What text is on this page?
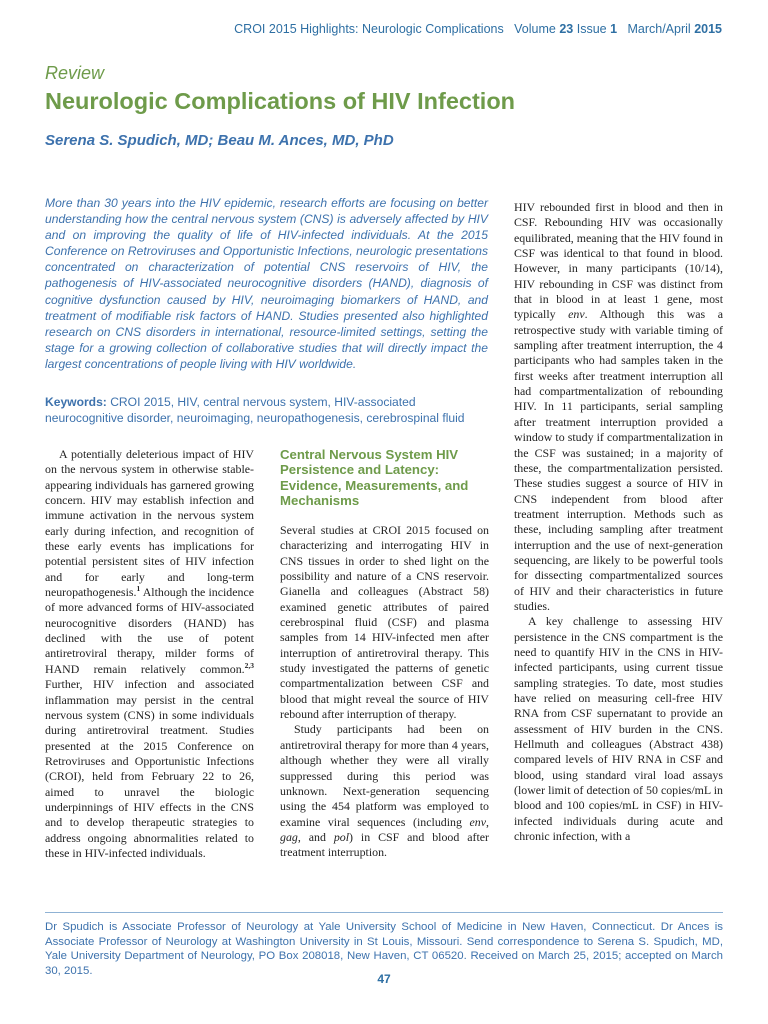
CROI 2015 Highlights: Neurologic Complications Volume 23 Issue 1 March/April 2015
Review
Neurologic Complications of HIV Infection
Serena S. Spudich, MD; Beau M. Ances, MD, PhD
More than 30 years into the HIV epidemic, research efforts are focusing on better understanding how the central nervous system (CNS) is adversely affected by HIV and on improving the quality of life of HIV-infected individuals. At the 2015 Conference on Retroviruses and Opportunistic Infections, neurologic presentations concentrated on characterization of potential CNS reservoirs of HIV, the pathogenesis of HIV-associated neurocognitive disorders (HAND), diagnosis of cognitive dysfunction caused by HIV, neuroimaging biomarkers of HAND, and treatment of modifiable risk factors of HAND. Studies presented also highlighted research on CNS disorders in international, resource-limited settings, setting the stage for a growing collection of collaborative studies that will directly impact the largest concentrations of people living with HIV worldwide.
Keywords: CROI 2015, HIV, central nervous system, HIV-associated neurocognitive disorder, neuroimaging, neuropathogenesis, cerebrospinal fluid

A potentially deleterious impact of HIV on the nervous system in otherwise stable-appearing individuals has garnered growing concern. HIV may establish infection and immune activation in the nervous system early during infection, and recognition of these early events has implications for potential persistent sites of HIV infection and for early and long-term neuropathogenesis.$^1$ Although the incidence of more advanced forms of HIV-associated neurocognitive disorders (HAND) has declined with the use of potent antiretroviral therapy, milder forms of HAND remain relatively common.$^{2,3}$ Further, HIV infection and associated inflammation may persist in the central nervous system (CNS) in some individuals during antiretroviral treatment. Studies presented at the 2015 Conference on Retroviruses and Opportunistic Infections (CROI), held from February 22 to 26, aimed to unravel the biologic underpinnings of HIV effects in the CNS and to develop therapeutic strategies to address ongoing abnormalities related to these in HIV-infected individuals.

Central Nervous System HIV Persistence and Latency: Evidence, Measurements, and Mechanisms

Several studies at CROI 2015 focused on characterizing and interrogating HIV in CNS tissues in order to shed light on the possibility and nature of a CNS reservoir. Gianella and colleagues (Abstract 58) examined genetic attributes of paired cerebrospinal fluid (CSF) and plasma samples from 14 HIV-infected men after interruption of antiretroviral therapy. This study investigated the patterns of genetic compartmentalization between CSF and blood that might reveal the source of HIV rebound after interruption of therapy.

Study participants had been on antiretroviral therapy for more than 4 years, although whether they were all virally suppressed during this period was unknown. Next-generation sequencing using the 454 platform was employed to examine viral sequences (including env, gag, and pol) in CSF and blood after treatment interruption.

HIV rebounded first in blood and then in CSF. Rebounding HIV was occasionally equilibrated, meaning that the HIV found in CSF was identical to that found in blood. However, in many participants (10/14), HIV rebounding in CSF was distinct from that in blood in at least 1 gene, most typically env. Although this was a retrospective study with variable timing of sampling after treatment interruption, the 4 participants who had samples taken in the first weeks after treatment interruption all had compartmentalization of rebounding HIV. In 11 participants, serial sampling after treatment interruption provided a window to study if compartmentalization in the CSF was sustained; in a majority of these, the compartmentalization persisted. These studies suggest a source of HIV in CNS independent from blood after treatment interruption. Methods such as these, including sampling after treatment interruption and the use of next-generation sequencing, are likely to be powerful tools for dissecting compartmentalized sources of HIV and their characteristics in future studies.

A key challenge to assessing HIV persistence in the CNS compartment is the need to quantify HIV in the CNS in HIV-infected participants, using current tissue sampling strategies. To date, most studies have relied on measuring cell-free HIV RNA from CSF supernatant to provide an assessment of HIV burden in the CNS. Hellmuth and colleagues (Abstract 438) compared levels of HIV RNA in CSF and blood, using standard viral load assays (lower limit of detection of 50 copies/mL in blood and 100 copies/mL in CSF) in HIV-infected individuals during acute and chronic infection, with a

Dr Spudich is Associate Professor of Neurology at Yale University School of Medicine in New Haven, Connecticut. Dr Ances is Associate Professor of Neurology at Washington University in St Louis, Missouri. Send correspondence to Serena S. Spudich, MD, Yale University Department of Neurology, PO Box 208018, New Haven, CT 06520. Received on March 25, 2015; accepted on March 30, 2015.
47
